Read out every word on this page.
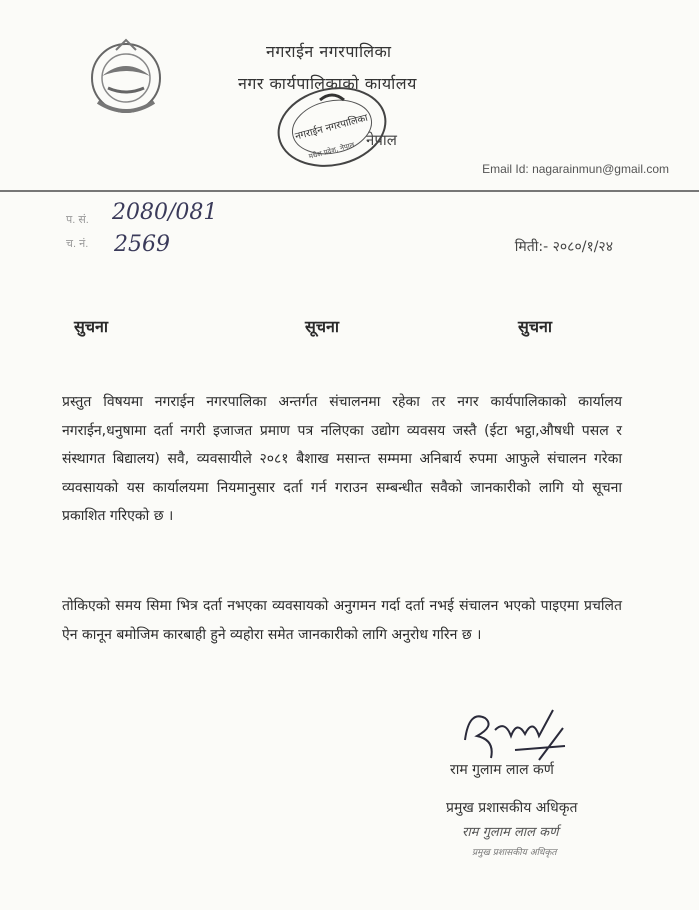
नगराईन नगरपालिका
नगर कार्यपालिकाको कार्यालय
नेपाल
नगराईन नगरपालिका
मधेश प्रदेश, नेपाल
Email Id: nagarainmun@gmail.com
प. सं. 2080/081
च. नं. 2569	मिती:- २०८०/१/२४
सुचना	सूचना	सुचना
प्रस्तुत विषयमा नगराईन नगरपालिका अन्तर्गत संचालनमा रहेका तर नगर कार्यपालिकाको कार्यालय नगराईन,धनुषामा दर्ता नगरी इजाजत प्रमाण पत्र नलिएका उद्योग व्यवसय जस्तै (ईटा भट्ठा,औषधी पसल र संस्थागत बिद्यालय) सवै, व्यवसायीले २०८१ बैशाख मसान्त सम्ममा अनिबार्य रुपमा आफुले संचालन गरेका व्यवसायको यस कार्यालयमा नियमानुसार दर्ता गर्न गराउन सम्बन्धीत सवैको जानकारीको लागि यो सूचना प्रकाशित गरिएको छ ।
तोकिएको समय सिमा भित्र दर्ता नभएका व्यवसायको अनुगमन गर्दा दर्ता नभई संचालन भएको पाइएमा प्रचलित ऐन कानून बमोजिम कारबाही हुने व्यहोरा समेत जानकारीको लागि अनुरोध गरिन छ ।
राम गुलाम लाल कर्ण
प्रमुख प्रशासकीय अधिकृत
राम गुलाम लाल कर्ण
प्रमुख प्रशासकीय अधिकृत
